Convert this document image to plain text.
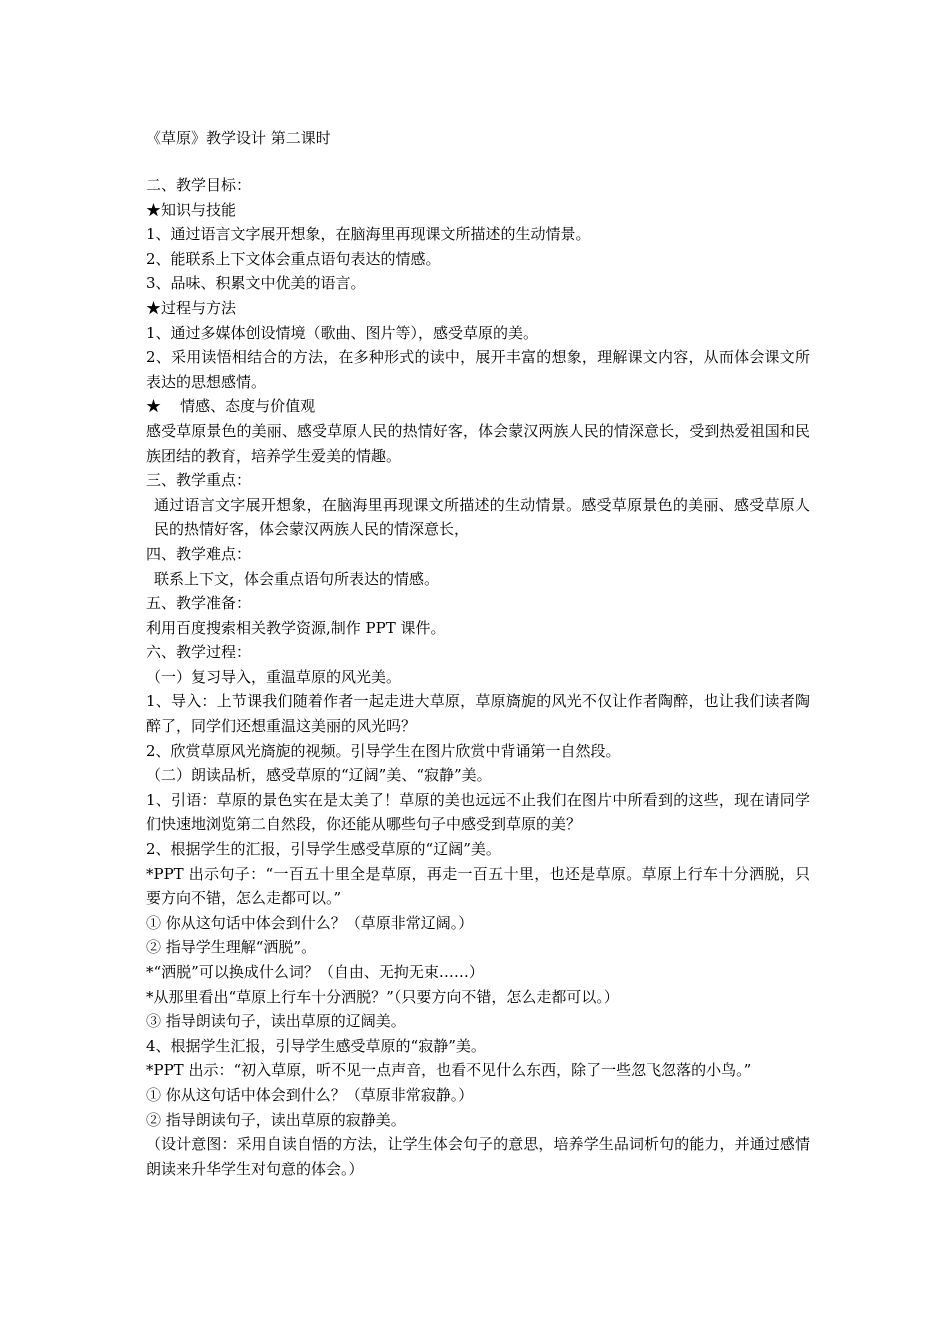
《草原》教学设计 第二课时

二、教学目标：

★知识与技能

1、通过语言文字展开想象，在脑海里再现课文所描述的生动情景。

2、能联系上下文体会重点语句表达的情感。

3、品味、积累文中优美的语言。

★过程与方法

1、通过多媒体创设情境（歌曲、图片等），感受草原的美。

2、采用读悟相结合的方法，在多种形式的读中，展开丰富的想象，理解课文内容，从而体会课文所表达的思想感情。

★    情感、态度与价值观

感受草原景色的美丽、感受草原人民的热情好客，体会蒙汉两族人民的情深意长，受到热爱祖国和民族团结的教育，培养学生爱美的情趣。

三、教学重点：

通过语言文字展开想象，在脑海里再现课文所描述的生动情景。感受草原景色的美丽、感受草原人民的热情好客，体会蒙汉两族人民的情深意长，

四、教学难点：

联系上下文，体会重点语句所表达的情感。

五、教学准备：

利用百度搜索相关教学资源,制作 PPT 课件。

六、教学过程：

（一）复习导入，重温草原的风光美。

1、导入：上节课我们随着作者一起走进大草原，草原旖旎的风光不仅让作者陶醉，也让我们读者陶醉了，同学们还想重温这美丽的风光吗？

2、欣赏草原风光旖旎的视频。引导学生在图片欣赏中背诵第一自然段。

（二）朗读品析，感受草原的“辽阔”美、“寂静”美。

1、引语：草原的景色实在是太美了！草原的美也远远不止我们在图片中所看到的这些，现在请同学们快速地浏览第二自然段，你还能从哪些句子中感受到草原的美？

2、根据学生的汇报，引导学生感受草原的“辽阔”美。

*PPT 出示句子：“一百五十里全是草原，再走一百五十里，也还是草原。草原上行车十分洒脱，只要方向不错，怎么走都可以。”

① 你从这句话中体会到什么？（草原非常辽阔。）

② 指导学生理解“洒脱”。

*“洒脱”可以换成什么词？（自由、无拘无束……）

*从那里看出“草原上行车十分洒脱？”（只要方向不错，怎么走都可以。）

③ 指导朗读句子，读出草原的辽阔美。

4、根据学生汇报，引导学生感受草原的“寂静”美。

*PPT 出示：“初入草原，听不见一点声音，也看不见什么东西，除了一些忽飞忽落的小鸟。”

① 你从这句话中体会到什么？（草原非常寂静。）

② 指导朗读句子，读出草原的寂静美。

（设计意图：采用自读自悟的方法，让学生体会句子的意思，培养学生品词析句的能力，并通过感情朗读来升华学生对句意的体会。）
